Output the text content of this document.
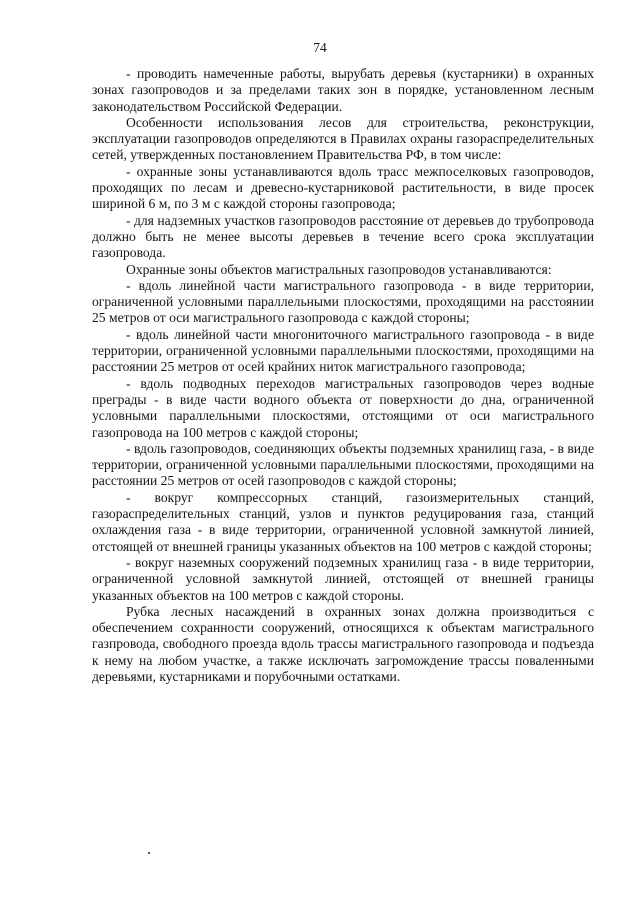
74

- проводить намеченные работы, вырубать деревья (кустарники) в охранных зонах газопроводов и за пределами таких зон в порядке, установленном лесным законодательством Российской Федерации.

Особенности использования лесов для строительства, реконструкции, эксплуатации газопроводов определяются в Правилах охраны газораспределительных сетей, утвержденных постановлением Правительства РФ, в том числе:

- охранные зоны устанавливаются вдоль трасс межпоселковых газопроводов, проходящих по лесам и древесно-кустарниковой растительности, в виде просек шириной 6 м, по 3 м с каждой стороны газопровода;

- для надземных участков газопроводов расстояние от деревьев до трубопровода должно быть не менее высоты деревьев в течение всего срока эксплуатации газопровода.

Охранные зоны объектов магистральных газопроводов устанавливаются:

- вдоль линейной части магистрального газопровода - в виде территории, ограниченной условными параллельными плоскостями, проходящими на расстоянии 25 метров от оси магистрального газопровода с каждой стороны;

- вдоль линейной части многониточного магистрального газопровода - в виде территории, ограниченной условными параллельными плоскостями, проходящими на расстоянии 25 метров от осей крайних ниток магистрального газопровода;

- вдоль подводных переходов магистральных газопроводов через водные преграды - в виде части водного объекта от поверхности до дна, ограниченной условными параллельными плоскостями, отстоящими от оси магистрального газопровода на 100 метров с каждой стороны;

- вдоль газопроводов, соединяющих объекты подземных хранилищ газа, - в виде территории, ограниченной условными параллельными плоскостями, проходящими на расстоянии 25 метров от осей газопроводов с каждой стороны;

- вокруг компрессорных станций, газоизмерительных станций, газораспределительных станций, узлов и пунктов редуцирования газа, станций охлаждения газа - в виде территории, ограниченной условной замкнутой линией, отстоящей от внешней границы указанных объектов на 100 метров с каждой стороны;

- вокруг наземных сооружений подземных хранилищ газа - в виде территории, ограниченной условной замкнутой линией, отстоящей от внешней границы указанных объектов на 100 метров с каждой стороны.

Рубка лесных насаждений в охранных зонах должна производиться с обеспечением сохранности сооружений, относящихся к объектам магистрального газпровода, свободного проезда вдоль трассы магистрального газопровода и подъезда к нему на любом участке, а также исключать загромождение трассы поваленными деревьями, кустарниками и порубочными остатками.
